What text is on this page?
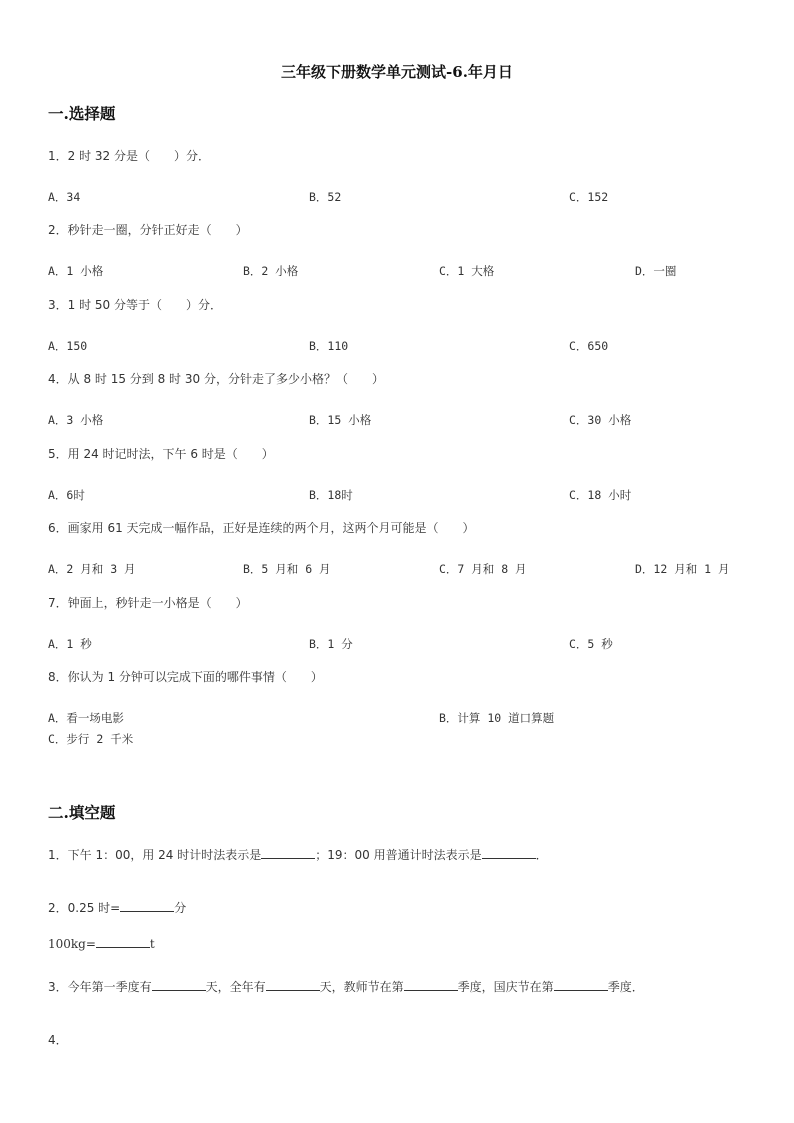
三年级下册数学单元测试-6.年月日
一.选择题
1．2 时 32 分是（　　）分．
A．34	B．52	C．152
2．秒针走一圈，分针正好走（　　）
A．1 小格	B．2 小格	C．1 大格	D．一圈
3．1 时 50 分等于（　　）分．
A．150	B．110	C．650
4．从 8 时 15 分到 8 时 30 分，分针走了多少小格？（　　）
A．3 小格	B．15 小格	C．30 小格
5．用 24 时记时法，下午 6 时是（　　）
A．6时	B．18时	C．18 小时
6．画家用 61 天完成一幅作品，正好是连续的两个月，这两个月可能是（　　）
A．2 月和 3 月	B．5 月和 6 月	C．7 月和 8 月	D．12 月和 1 月
7．钟面上，秒针走一小格是（　　）
A．1 秒	B．1 分	C．5 秒
8．你认为 1 分钟可以完成下面的哪件事情（　　）
A．看一场电影	B．计算 10 道口算题
C．步行 2 千米
二.填空题
1．下午 1：00，用 24 时计时法表示是	；19：00 用普通计时法表示是	．
2．0.25 时=	分
100kg=	t
3．今年第一季度有	天，全年有	天，教师节在第	季度，国庆节在第	季度．
4．
